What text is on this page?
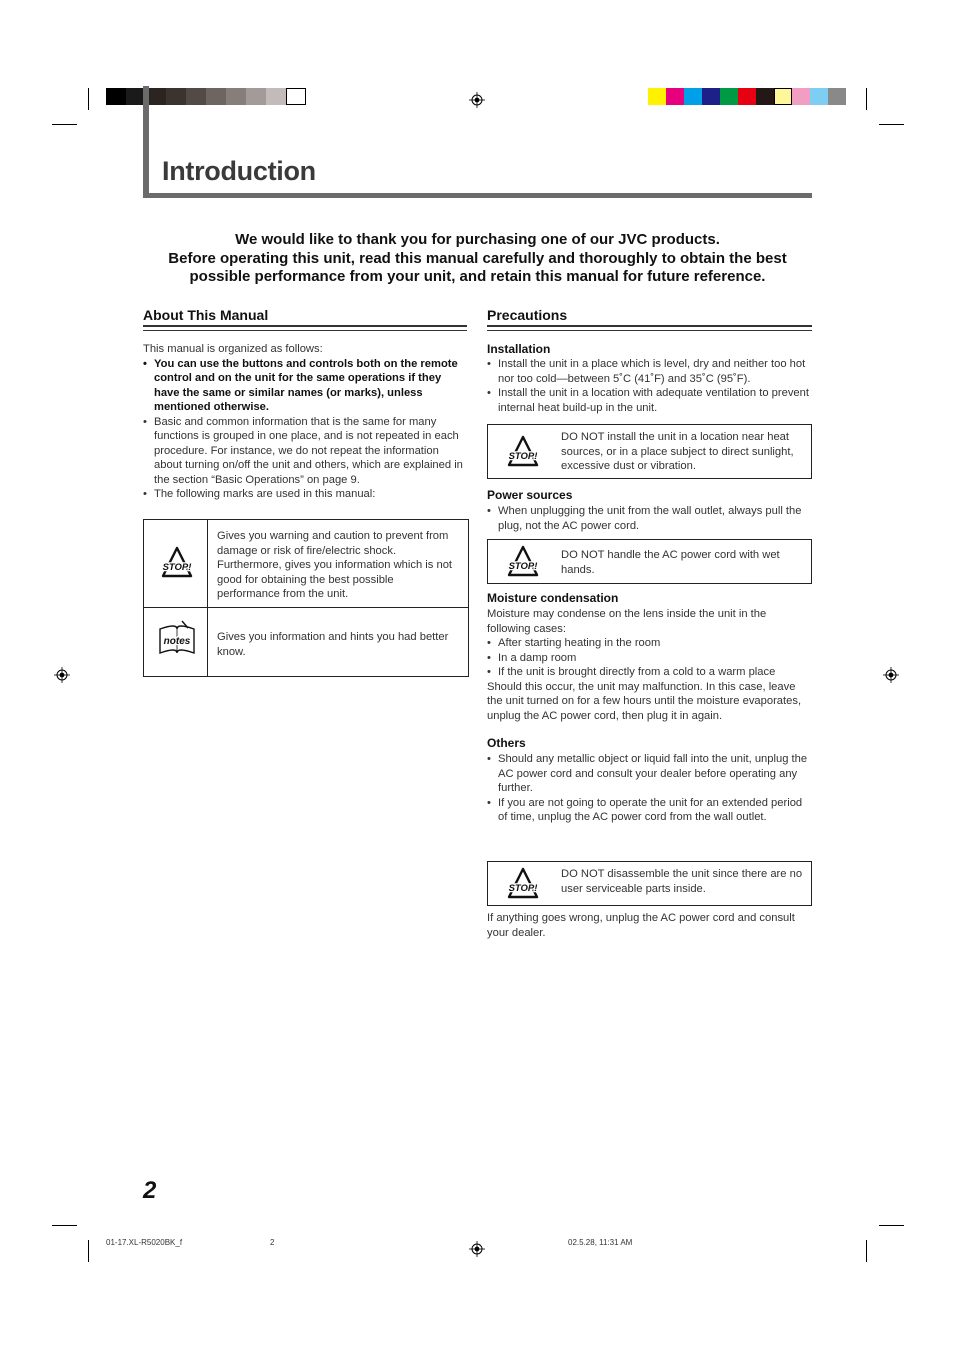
Introduction
We would like to thank you for purchasing one of our JVC products.
Before operating this unit, read this manual carefully and thoroughly to obtain the best
possible performance from your unit, and retain this manual for future reference.
About This Manual
This manual is organized as follows:
• You can use the buttons and controls both on the remote control and on the unit for the same operations if they have the same or similar names (or marks), unless mentioned otherwise.
• Basic and common information that is the same for many functions is grouped in one place, and is not repeated in each procedure. For instance, we do not repeat the information about turning on/off the unit and others, which are explained in the section “Basic Operations” on page 9.
• The following marks are used in this manual:
STOP!
Gives you warning and caution to prevent from damage or risk of fire/electric shock. Furthermore, gives you information which is not good for obtaining the best possible performance from the unit.
notes Gives you information and hints you had better know.
Precautions
Installation
• Install the unit in a place which is level, dry and neither too hot nor too cold—between 5˚C (41˚F) and 35˚C (95˚F).
• Install the unit in a location with adequate ventilation to prevent internal heat build-up in the unit.
STOP!
DO NOT install the unit in a location near heat sources, or in a place subject to direct sunlight, excessive dust or vibration.
Power sources
• When unplugging the unit from the wall outlet, always pull the plug, not the AC power cord.
STOP!
DO NOT handle the AC power cord with wet hands.
Moisture condensation
Moisture may condense on the lens inside the unit in the following cases:
• After starting heating in the room
• In a damp room
• If the unit is brought directly from a cold to a warm place
Should this occur, the unit may malfunction. In this case, leave the unit turned on for a few hours until the moisture evaporates, unplug the AC power cord, then plug it in again.
Others
• Should any metallic object or liquid fall into the unit, unplug the AC power cord and consult your dealer before operating any further.
• If you are not going to operate the unit for an extended period of time, unplug the AC power cord from the wall outlet.
STOP!
DO NOT disassemble the unit since there are no user serviceable parts inside.
If anything goes wrong, unplug the AC power cord and consult your dealer.
2
01-17.XL-R5020BK_f	2	02.5.28, 11:31 AM
